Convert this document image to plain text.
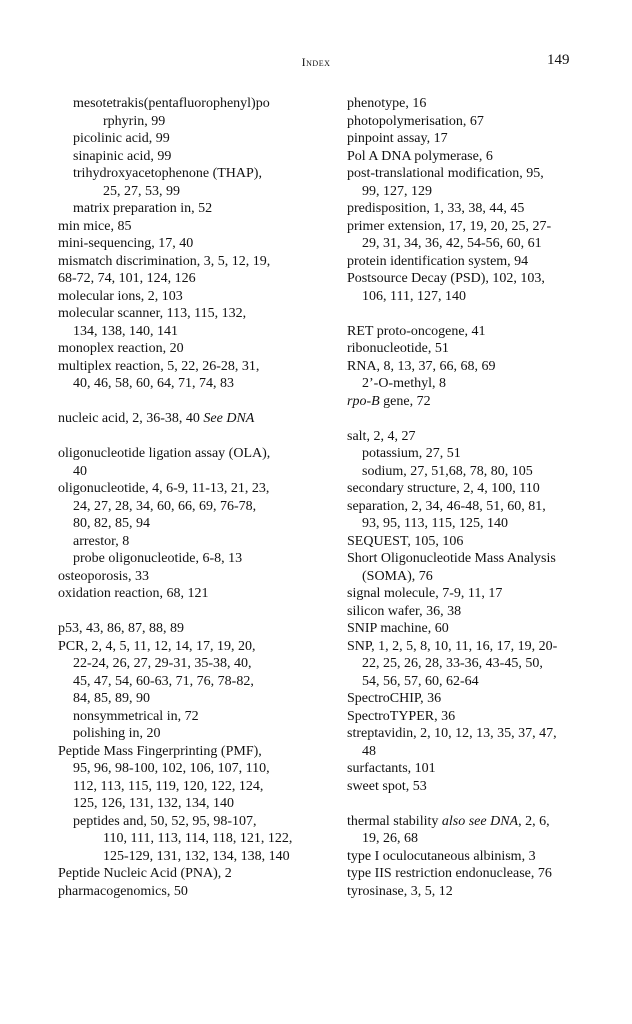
Index	149
mesotetrakis(pentafluorophenyl)po
rphyrin, 99
picolinic acid, 99
sinapinic acid, 99
trihydroxyacetophenone (THAP),
25, 27, 53, 99
matrix preparation in, 52
min mice, 85
mini-sequencing, 17, 40
mismatch discrimination, 3, 5, 12, 19,
68-72, 74, 101, 124, 126
molecular ions, 2, 103
molecular scanner, 113, 115, 132,
134, 138, 140, 141
monoplex reaction, 20
multiplex reaction, 5, 22, 26-28, 31,
40, 46, 58, 60, 64, 71, 74, 83
nucleic acid, 2, 36-38, 40 See DNA
oligonucleotide ligation assay (OLA),
40
oligonucleotide, 4, 6-9, 11-13, 21, 23,
24, 27, 28, 34, 60, 66, 69, 76-78,
80, 82, 85, 94
arrestor, 8
probe oligonucleotide, 6-8, 13
osteoporosis, 33
oxidation reaction, 68, 121
p53, 43, 86, 87, 88, 89
PCR, 2, 4, 5, 11, 12, 14, 17, 19, 20,
22-24, 26, 27, 29-31, 35-38, 40,
45, 47, 54, 60-63, 71, 76, 78-82,
84, 85, 89, 90
nonsymmetrical in, 72
polishing in, 20
Peptide Mass Fingerprinting (PMF),
95, 96, 98-100, 102, 106, 107, 110,
112, 113, 115, 119, 120, 122, 124,
125, 126, 131, 132, 134, 140
peptides and, 50, 52, 95, 98-107,
110, 111, 113, 114, 118, 121, 122,
125-129, 131, 132, 134, 138, 140
Peptide Nucleic Acid (PNA), 2
pharmacogenomics, 50
phenotype, 16
photopolymerisation, 67
pinpoint assay, 17
Pol A DNA polymerase, 6
post-translational modification, 95,
99, 127, 129
predisposition, 1, 33, 38, 44, 45
primer extension, 17, 19, 20, 25, 27-
29, 31, 34, 36, 42, 54-56, 60, 61
protein identification system, 94
Postsource Decay (PSD), 102, 103,
106, 111, 127, 140
RET proto-oncogene, 41
ribonucleotide, 51
RNA, 8, 13, 37, 66, 68, 69
2’-O-methyl, 8
rpo-B gene, 72
salt, 2, 4, 27
potassium, 27, 51
sodium, 27, 51,68, 78, 80, 105
secondary structure, 2, 4, 100, 110
separation, 2, 34, 46-48, 51, 60, 81,
93, 95, 113, 115, 125, 140
SEQUEST, 105, 106
Short Oligonucleotide Mass Analysis
(SOMA), 76
signal molecule, 7-9, 11, 17
silicon wafer, 36, 38
SNIP machine, 60
SNP, 1, 2, 5, 8, 10, 11, 16, 17, 19, 20-
22, 25, 26, 28, 33-36, 43-45, 50,
54, 56, 57, 60, 62-64
SpectroCHIP, 36
SpectroTYPER, 36
streptavidin, 2, 10, 12, 13, 35, 37, 47,
48
surfactants, 101
sweet spot, 53
thermal stability also see DNA, 2, 6,
19, 26, 68
type I oculocutaneous albinism, 3
type IIS restriction endonuclease, 76
tyrosinase, 3, 5, 12
